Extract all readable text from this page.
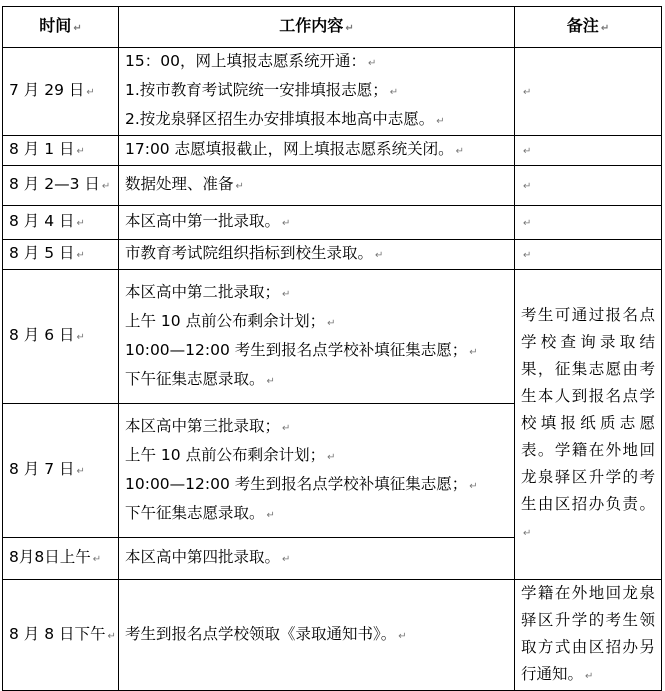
时间 ↵	工作内容 ↵	备注 ↵
7 月 29 日 ↵	15：00，网上填报志愿系统开通： ↵
1.按市教育考试院统一安排填报志愿； ↵
2.按龙泉驿区招生办安排填报本地高中志愿。 ↵	↵
8 月 1 日 ↵	17:00 志愿填报截止，网上填报志愿系统关闭。 ↵	↵
8 月 2—3 日 ↵	数据处理、准备 ↵	↵
8 月 4 日 ↵	本区高中第一批录取。 ↵	↵
8 月 5 日 ↵	市教育考试院组织指标到校生录取。 ↵	↵
8 月 6 日 ↵	本区高中第二批录取； ↵
上午 10 点前公布剩余计划； ↵
10:00—12:00 考生到报名点学校补填征集志愿； ↵
下午征集志愿录取。 ↵	考生可通过报名点学校查询录取结果，征集志愿由考生本人到报名点学校填报纸质志愿表。学籍在外地回龙泉驿区升学的考生由区招办负责。↵
8 月 7 日 ↵	本区高中第三批录取； ↵
上午 10 点前公布剩余计划； ↵
10:00—12:00 考生到报名点学校补填征集志愿； ↵
下午征集志愿录取。 ↵	

8月8日上午 ↵	本区高中第四批录取。 ↵	
8 月 8 日下午 ↵	考生到报名点学校领取《录取通知书》。 ↵	学籍在外地回龙泉驿区升学的考生领取方式由区招办另行通知。 ↵
